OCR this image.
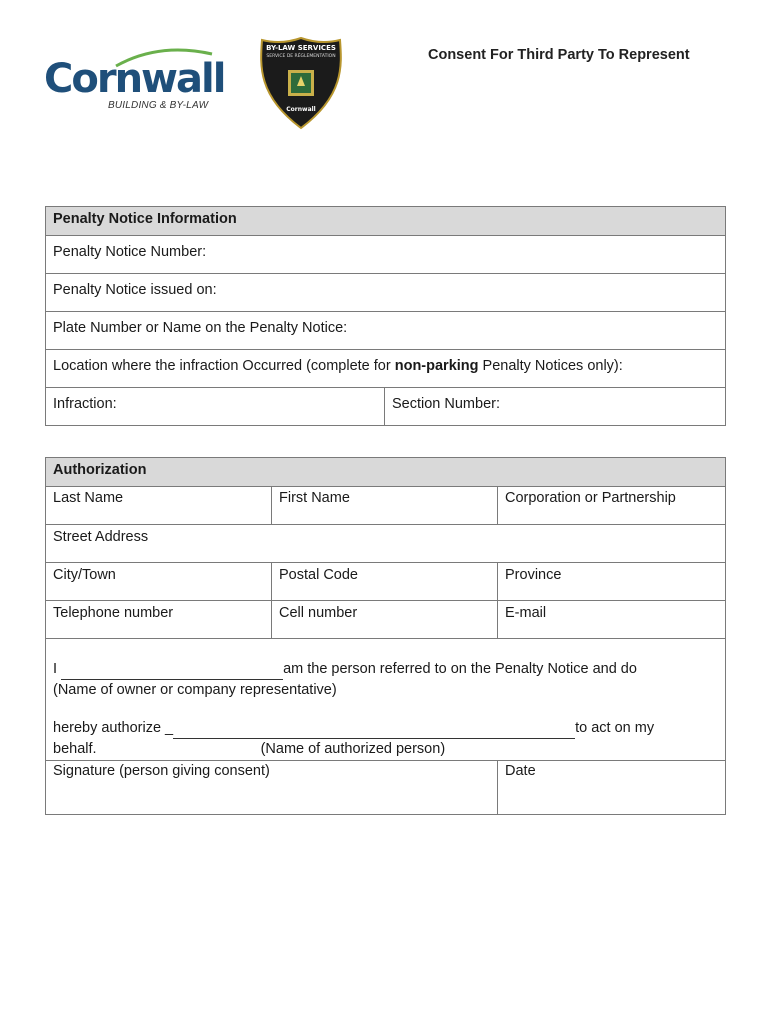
Cornwall
BUILDING & BY-LAW
BY-LAW SERVICES
SERVICE DE RÉGLEMENTATION
Cornwall
Consent For Third Party To Represent
Penalty Notice Information
Penalty Notice Number:
Penalty Notice issued on:
Plate Number or Name on the Penalty Notice:
Location where the infraction Occurred (complete for non-parking Penalty Notices only):
Infraction:	Section Number:
Authorization		
Last Name	First Name	Corporation or Partnership
Street Address		
City/Town	Postal Code	Province
Telephone number	Cell number	E-mail

I am the person referred to on the Penalty Notice and do

(Name of owner or company representative)

hereby authorize _ to act on my

behalf. (Name of authorized person)		

Signature (person giving consent)		Date
